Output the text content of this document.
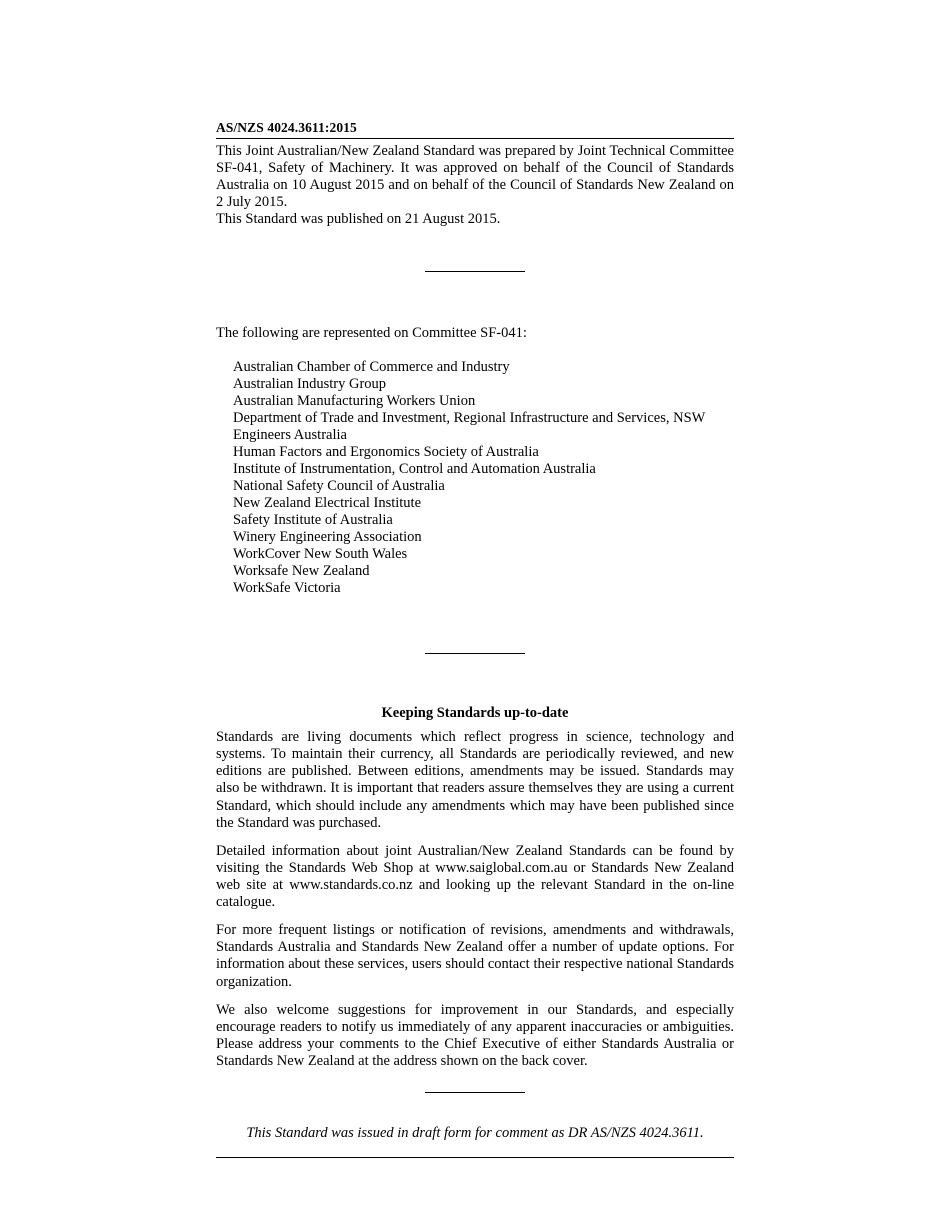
AS/NZS 4024.3611:2015

This Joint Australian/New Zealand Standard was prepared by Joint Technical Committee SF-041, Safety of Machinery. It was approved on behalf of the Council of Standards Australia on 10 August 2015 and on behalf of the Council of Standards New Zealand on 2 July 2015.

This Standard was published on 21 August 2015.

The following are represented on Committee SF-041:

Australian Chamber of Commerce and Industry
Australian Industry Group
Australian Manufacturing Workers Union
Department of Trade and Investment, Regional Infrastructure and Services, NSW
Engineers Australia
Human Factors and Ergonomics Society of Australia
Institute of Instrumentation, Control and Automation Australia
National Safety Council of Australia
New Zealand Electrical Institute
Safety Institute of Australia
Winery Engineering Association
WorkCover New South Wales
Worksafe New Zealand
WorkSafe Victoria
Keeping Standards up-to-date

Standards are living documents which reflect progress in science, technology and systems. To maintain their currency, all Standards are periodically reviewed, and new editions are published. Between editions, amendments may be issued. Standards may also be withdrawn. It is important that readers assure themselves they are using a current Standard, which should include any amendments which may have been published since the Standard was purchased.

Detailed information about joint Australian/New Zealand Standards can be found by visiting the Standards Web Shop at www.saiglobal.com.au or Standards New Zealand web site at www.standards.co.nz and looking up the relevant Standard in the on-line catalogue.

For more frequent listings or notification of revisions, amendments and withdrawals, Standards Australia and Standards New Zealand offer a number of update options. For information about these services, users should contact their respective national Standards organization.

We also welcome suggestions for improvement in our Standards, and especially encourage readers to notify us immediately of any apparent inaccuracies or ambiguities. Please address your comments to the Chief Executive of either Standards Australia or Standards New Zealand at the address shown on the back cover.

This Standard was issued in draft form for comment as DR AS/NZS 4024.3611.
